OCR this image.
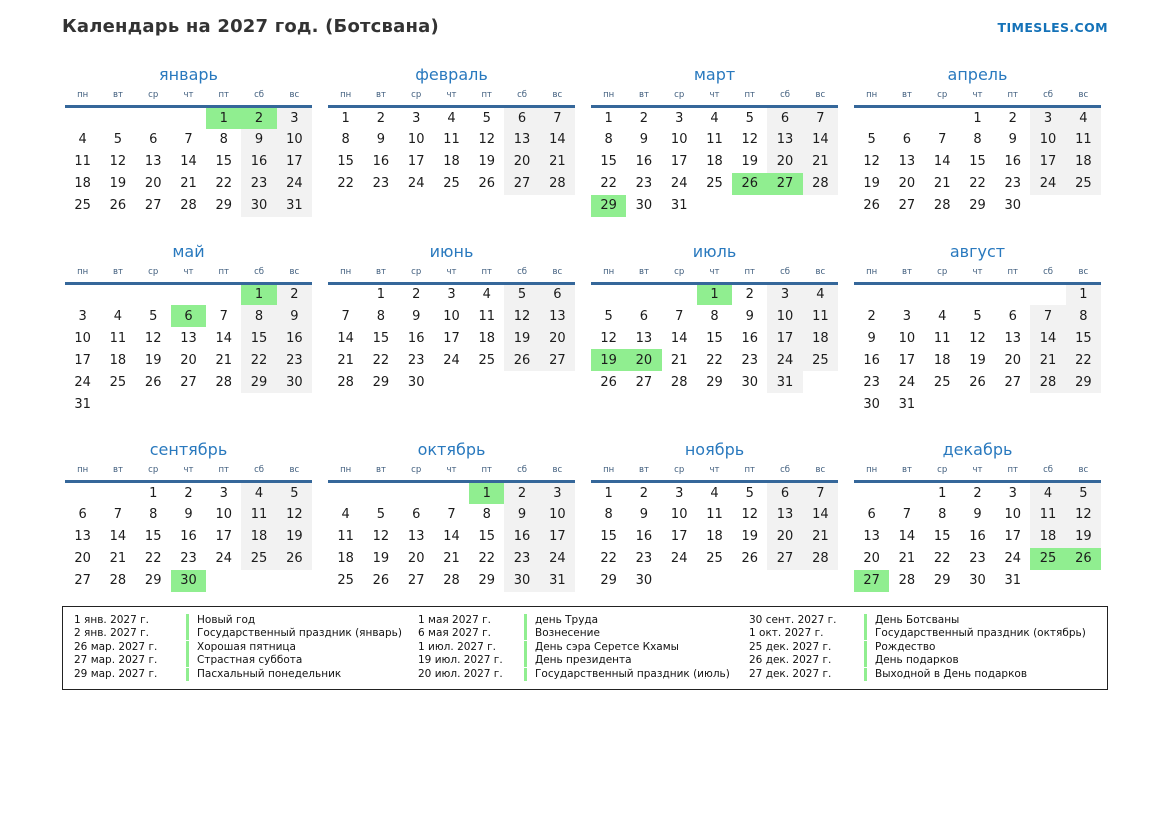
Календарь на 2027 год. (Ботсвана)	TIMESLES.COM
январь
пн	вт	ср	чт	пт	сб	вс
				1	2	3
4	5	6	7	8	9	10
11	12	13	14	15	16	17
18	19	20	21	22	23	24
25	26	27	28	29	30	31
февраль
пн	вт	ср	чт	пт	сб	вс
1	2	3	4	5	6	7
8	9	10	11	12	13	14
15	16	17	18	19	20	21
22	23	24	25	26	27	28
март
пн	вт	ср	чт	пт	сб	вс
1	2	3	4	5	6	7
8	9	10	11	12	13	14
15	16	17	18	19	20	21
22	23	24	25	26	27	28
29	30	31				
апрель
пн	вт	ср	чт	пт	сб	вс
			1	2	3	4
5	6	7	8	9	10	11
12	13	14	15	16	17	18
19	20	21	22	23	24	25
26	27	28	29	30		
май
пн	вт	ср	чт	пт	сб	вс
					1	2
3	4	5	6	7	8	9
10	11	12	13	14	15	16
17	18	19	20	21	22	23
24	25	26	27	28	29	30
31						
июнь
пн	вт	ср	чт	пт	сб	вс
	1	2	3	4	5	6
7	8	9	10	11	12	13
14	15	16	17	18	19	20
21	22	23	24	25	26	27
28	29	30				
июль
пн	вт	ср	чт	пт	сб	вс
			1	2	3	4
5	6	7	8	9	10	11
12	13	14	15	16	17	18
19	20	21	22	23	24	25
26	27	28	29	30	31	
август
пн	вт	ср	чт	пт	сб	вс
						1
2	3	4	5	6	7	8
9	10	11	12	13	14	15
16	17	18	19	20	21	22
23	24	25	26	27	28	29
30	31					
сентябрь
пн	вт	ср	чт	пт	сб	вс
		1	2	3	4	5
6	7	8	9	10	11	12
13	14	15	16	17	18	19
20	21	22	23	24	25	26
27	28	29	30			
октябрь
пн	вт	ср	чт	пт	сб	вс
				1	2	3
4	5	6	7	8	9	10
11	12	13	14	15	16	17
18	19	20	21	22	23	24
25	26	27	28	29	30	31
ноябрь
пн	вт	ср	чт	пт	сб	вс
1	2	3	4	5	6	7
8	9	10	11	12	13	14
15	16	17	18	19	20	21
22	23	24	25	26	27	28
29	30					
декабрь
пн	вт	ср	чт	пт	сб	вс
		1	2	3	4	5
6	7	8	9	10	11	12
13	14	15	16	17	18	19
20	21	22	23	24	25	26
27	28	29	30	31		
1 янв. 2027 г.	Новый год	1 мая 2027 г.	день Труда	30 сент. 2027 г.	День Ботсваны
2 янв. 2027 г.	Государственный праздник (январь)	6 мая 2027 г.	Вознесение	1 окт. 2027 г.	Государственный праздник (октябрь)
26 мар. 2027 г.	Хорошая пятница	1 июл. 2027 г.	День сэра Серетсе Кхамы	25 дек. 2027 г.	Рождество
27 мар. 2027 г.	Страстная суббота	19 июл. 2027 г.	День президента	26 дек. 2027 г.	День подарков
29 мар. 2027 г.	Пасхальный понедельник	20 июл. 2027 г.	Государственный праздник (июль)	27 дек. 2027 г.	Выходной в День подарков
